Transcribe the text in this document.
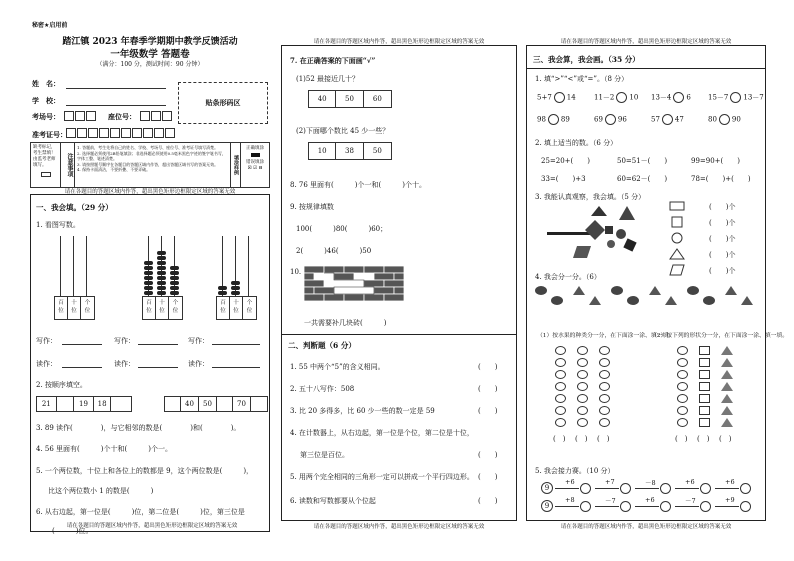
秘密★启用前
踏江镇 2023 年春季学期期中教学反馈活动
一年级数学 答题卷
（满分：100 分，测试时间：90 分钟）
姓　名：
学　校：
考场号：	座位号：
准考证号：
贴条形码区
缺考标记，考生禁填！由监考老师填写。	注意事项
1. 答题前，考生先将自己的姓名、学校、考场号、座位号、准考证号填写清楚。
2. 选择题必须使用2B铅笔填涂；非选择题必须使用0.5毫米黑色字迹的签字笔书写，字体工整、笔迹清楚。
3. 请按照题号顺序在各题目的答题区域内作答，超出答题区域书写的答案无效。
4. 保持卡面清洁，不要折叠、不要弄破。	填涂样例
正确填涂
错误填涂
☒ ☑ ⊟
请在各题目的答题区域内作答，超出黑色矩形边框限定区域的答案无效
一、我会填。（29 分）
1. 看图写数。
百
位
十
位
个
位
百
位
十
位
个
位
百
位
十
位
个
位
写作：	写作：	写作：
读作：	读作：	读作：
2. 按顺序填空。
21	19	18	40	50	70
3. 89 读作(　　　　)，与它相邻的数是(　　　　)和(　　　　)。
4. 56 里面有(　　　)个十和(　　　)个一。
5. 一个两位数，十位上和各位上的数都是 9，这个两位数是(　　　)，
比这个两位数小 1 的数是(　　　)
6. 从右边起，第一位是(　　　)位，第二位是(　　　)位，第三位是
(　　　)位。
请在各题目的答题区域内作答，超出黑色矩形边框限定区域的答案无效
请在各题目的答题区域内作答，超出黑色矩形边框限定区域的答案无效
请在各题目的答题区域内作答，超出黑色矩形边框限定区域的答案无效
7. 在正确答案的下面画“√”
(1)52 最接近几十？
40	50	60
(2)下面哪个数比 45 少一些？
10	38	50
8. 76 里面有(　　　)个一和(　　　)个十。
9. 按规律填数
100(　　　)80(　　　)60；
2(　　　)46(　　　)50
10.
一共需要补几块砖(　　　)
二、判断题（6 分）
1. 55 中两个“5”的含义相同。	(　　)
2. 五十八写作：508	(　　)
3. 比 20 多得多，比 60 少一些的数一定是 59	(　　)
4. 在计数器上，从右边起，第一位是个位，第二位是十位，
第三位是百位。	(　　)
5. 用两个完全相同的三角形一定可以拼成一个平行四边形。 (　　)
6. 读数和写数都要从个位起	(　　)
请在各题目的答题区域内作答，超出黑色矩形边框限定区域的答案无效
请在各题目的答题区域内作答，超出黑色矩形边框限定区域的答案无效
三、我会算，我会画。（35 分）
1. 填“>”“<”或“=”。（8 分）
5+7 14	11－2 10 13－4 6 15－7 13－7
98 89	69 96	57 47	80 90
2. 填上适当的数。（6 分）
25=20+(　　)	50=51－(　　)	99=90+(　　)
33=(　　)+3	60=62－(　　)	78=(　　)+(　　)
3. 我能认真观察，我会填。（5 分）
(　　)个
(　　)个
(　　)个
(　　)个
(　　)个
4. 我会分一分。（6）
（1）按水果的种类分一分，在下面涂一涂、填一填。
（2）按下列的形状分一分，在下面涂一涂、填一填。
(　) (　) (　)	(　) (　) (　)
5. 我会接力赛。（10 分）
9
+6	+7	－8	+6	+6
9
+8	－7	+6	－7	+9
